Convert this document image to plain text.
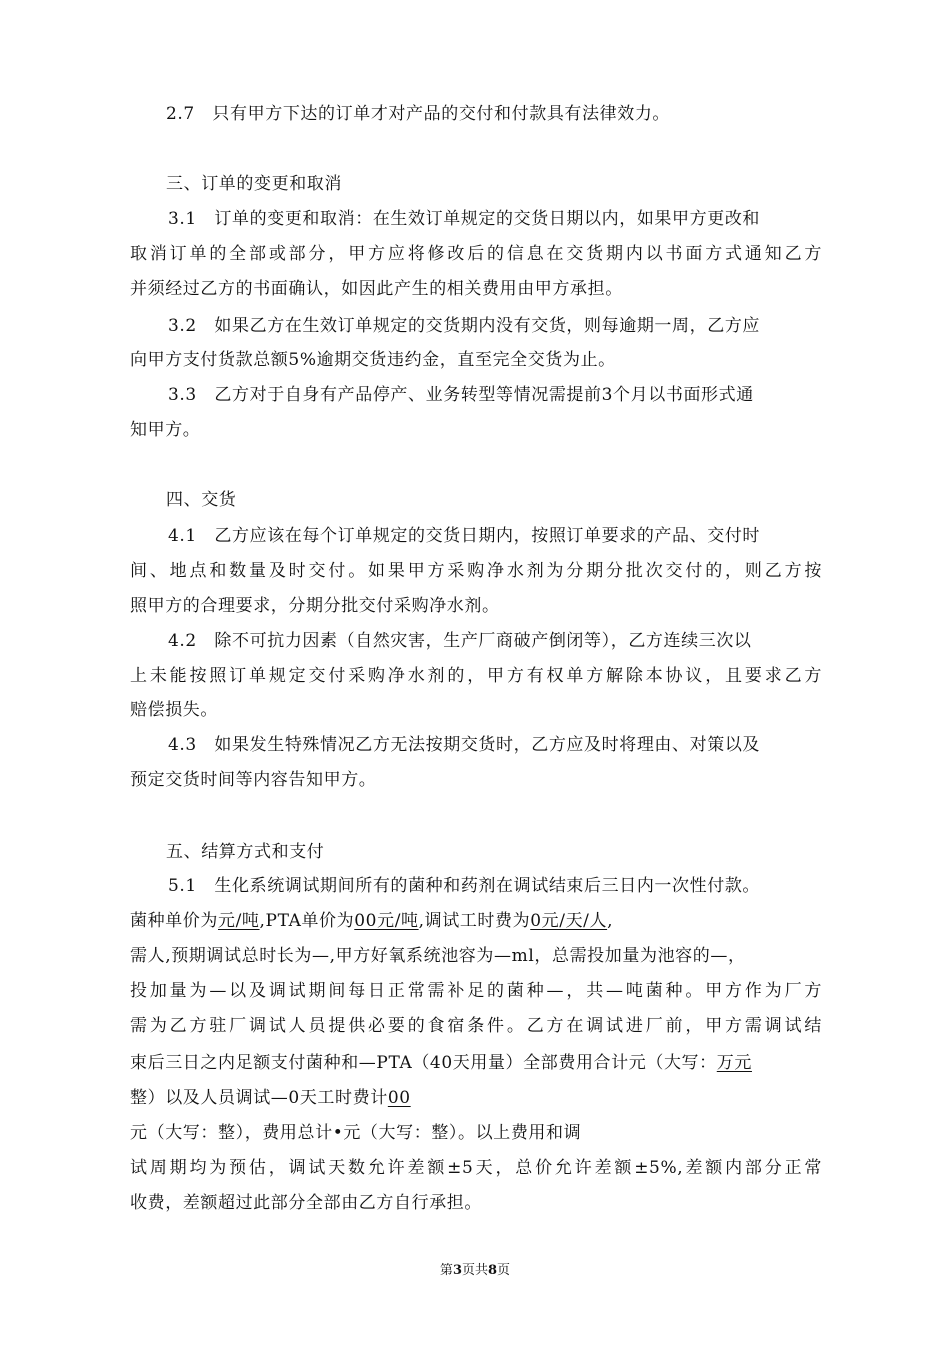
2.7　只有甲方下达的订单才对产品的交付和付款具有法律效力。
三、订单的变更和取消
3.1　订单的变更和取消：在生效订单规定的交货日期以内，如果甲方更改和
取消订单的全部或部分，甲方应将修改后的信息在交货期内以书面方式通知乙方
并须经过乙方的书面确认，如因此产生的相关费用由甲方承担。
3.2　如果乙方在生效订单规定的交货期内没有交货，则每逾期一周，乙方应
向甲方支付货款总额5%逾期交货违约金，直至完全交货为止。
3.3　乙方对于自身有产品停产、业务转型等情况需提前3个月以书面形式通
知甲方。
四、交货
4.1　乙方应该在每个订单规定的交货日期内，按照订单要求的产品、交付时
间、地点和数量及时交付。如果甲方采购净水剂为分期分批次交付的，则乙方按
照甲方的合理要求，分期分批交付采购净水剂。
4.2　除不可抗力因素（自然灾害，生产厂商破产倒闭等），乙方连续三次以
上未能按照订单规定交付采购净水剂的，甲方有权单方解除本协议，且要求乙方
赔偿损失。
4.3　如果发生特殊情况乙方无法按期交货时，乙方应及时将理由、对策以及
预定交货时间等内容告知甲方。
五、结算方式和支付
5.1　生化系统调试期间所有的菌种和药剂在调试结束后三日内一次性付款。
需人,预期调试总时长为—,甲方好氧系统池容为—ml，总需投加量为池容的—，
投加量为—以及调试期间每日正常需补足的菌种—，共—吨菌种。甲方作为厂方
需为乙方驻厂调试人员提供必要的食宿条件。乙方在调试进厂前，甲方需调试结
元（大写：整），费用总计•元（大写：整）。以上费用和调
试周期均为预估，调试天数允许差额±5天，总价允许差额±5%,差额内部分正常
收费，差额超过此部分全部由乙方自行承担。
菌种单价为元/吨,PTA单价为00元/吨,调试工时费为0元/天/人,
束后三日之内足额支付菌种和—PTA（40天用量）全部费用合计元（大写：万元
整）以及人员调试—0天工时费计00
第3页共8页
